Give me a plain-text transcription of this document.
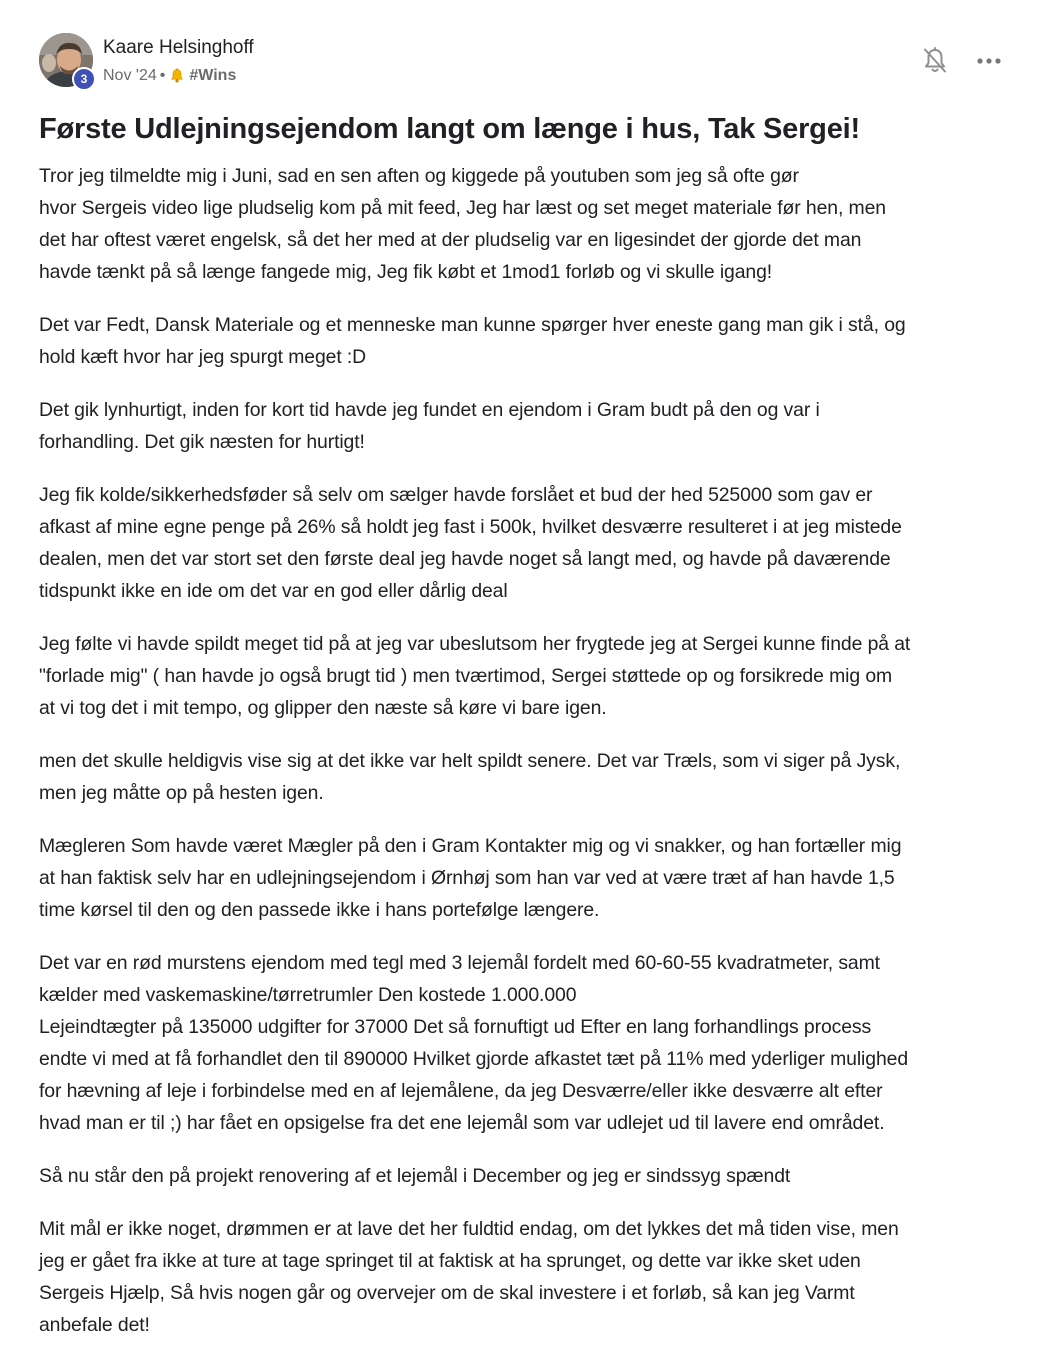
3
Kaare Helsinghoff
Nov '24 • #Wins
Første Udlejningsejendom langt om længe i hus, Tak Sergei!

Tror jeg tilmeldte mig i Juni, sad en sen aften og kiggede på youtuben som jeg så ofte gør
hvor Sergeis video lige pludselig kom på mit feed, Jeg har læst og set meget materiale før hen, men
det har oftest været engelsk, så det her med at der pludselig var en ligesindet der gjorde det man
havde tænkt på så længe fangede mig, Jeg fik købt et 1mod1 forløb og vi skulle igang!

Det var Fedt, Dansk Materiale og et menneske man kunne spørger hver eneste gang man gik i stå, og
hold kæft hvor har jeg spurgt meget :D

Det gik lynhurtigt, inden for kort tid havde jeg fundet en ejendom i Gram budt på den og var i
forhandling. Det gik næsten for hurtigt!

Jeg fik kolde/sikkerhedsføder så selv om sælger havde forslået et bud der hed 525000 som gav er
afkast af mine egne penge på 26% så holdt jeg fast i 500k, hvilket desværre resulteret i at jeg mistede
dealen, men det var stort set den første deal jeg havde noget så langt med, og havde på daværende
tidspunkt ikke en ide om det var en god eller dårlig deal

Jeg følte vi havde spildt meget tid på at jeg var ubeslutsom her frygtede jeg at Sergei kunne finde på at
"forlade mig" ( han havde jo også brugt tid ) men tværtimod, Sergei støttede op og forsikrede mig om
at vi tog det i mit tempo, og glipper den næste så køre vi bare igen.

men det skulle heldigvis vise sig at det ikke var helt spildt senere. Det var Træls, som vi siger på Jysk,
men jeg måtte op på hesten igen.

Mægleren Som havde været Mægler på den i Gram Kontakter mig og vi snakker, og han fortæller mig
at han faktisk selv har en udlejningsejendom i Ørnhøj som han var ved at være træt af han havde 1,5
time kørsel til den og den passede ikke i hans portefølge længere.

Det var en rød murstens ejendom med tegl med 3 lejemål fordelt med 60-60-55 kvadratmeter, samt
kælder med vaskemaskine/tørretrumler Den kostede 1.000.000
Lejeindtægter på 135000 udgifter for 37000 Det så fornuftigt ud Efter en lang forhandlings process
endte vi med at få forhandlet den til 890000 Hvilket gjorde afkastet tæt på 11% med yderliger mulighed
for hævning af leje i forbindelse med en af lejemålene, da jeg Desværre/eller ikke desværre alt efter
hvad man er til ;) har fået en opsigelse fra det ene lejemål som var udlejet ud til lavere end området.

Så nu står den på projekt renovering af et lejemål i December og jeg er sindssyg spændt

Mit mål er ikke noget, drømmen er at lave det her fuldtid endag, om det lykkes det må tiden vise, men
jeg er gået fra ikke at ture at tage springet til at faktisk at ha sprunget, og dette var ikke sket uden
Sergeis Hjælp, Så hvis nogen går og overvejer om de skal investere i et forløb, så kan jeg Varmt
anbefale det!
